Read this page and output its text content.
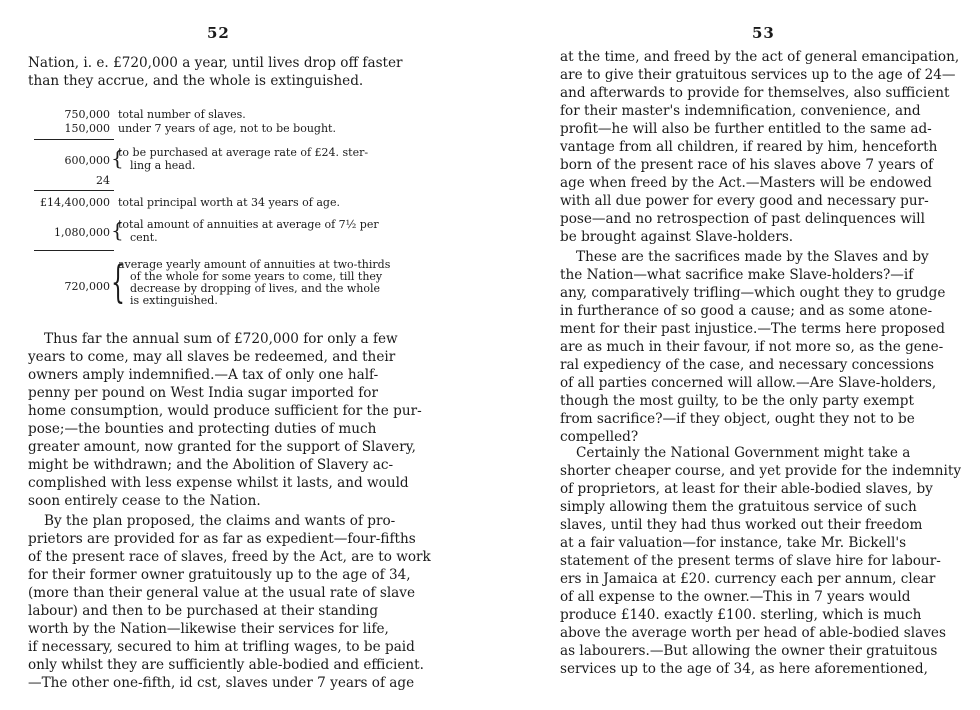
52
Nation, i. e. £720,000 a year, until lives drop off faster
than they accrue, and the whole is extinguished.
750,000 total number of slaves.
150,000 under 7 years of age, not to be bought.
600,000 {
to be purchased at average rate of £24. ster-
ling a head.
24
£14,400,000 total principal worth at 34 years of age.
1,080,000 {
total amount of annuities at average of 7½ per
cent.
720,000 {
average yearly amount of annuities at two-thirds
of the whole for some years to come, till they
decrease by dropping of lives, and the whole
is extinguished.
Thus far the annual sum of £720,000 for only a few
years to come, may all slaves be redeemed, and their
owners amply indemnified.—A tax of only one half-
penny per pound on West India sugar imported for
home consumption, would produce sufficient for the pur-
pose;—the bounties and protecting duties of much
greater amount, now granted for the support of Slavery,
might be withdrawn; and the Abolition of Slavery ac-
complished with less expense whilst it lasts, and would
soon entirely cease to the Nation.
By the plan proposed, the claims and wants of pro-
prietors are provided for as far as expedient—four-fifths
of the present race of slaves, freed by the Act, are to work
for their former owner gratuitously up to the age of 34,
(more than their general value at the usual rate of slave
labour) and then to be purchased at their standing
worth by the Nation—likewise their services for life,
if necessary, secured to him at trifling wages, to be paid
only whilst they are sufficiently able-bodied and efficient.
—The other one-fifth, id cst, slaves under 7 years of age
53
at the time, and freed by the act of general emancipation,
are to give their gratuitous services up to the age of 24—
and afterwards to provide for themselves, also sufficient
for their master's indemnification, convenience, and
profit—he will also be further entitled to the same ad-
vantage from all children, if reared by him, henceforth
born of the present race of his slaves above 7 years of
age when freed by the Act.—Masters will be endowed
with all due power for every good and necessary pur-
pose—and no retrospection of past delinquences will
be brought against Slave-holders.
These are the sacrifices made by the Slaves and by
the Nation—what sacrifice make Slave-holders?—if
any, comparatively trifling—which ought they to grudge
in furtherance of so good a cause; and as some atone-
ment for their past injustice.—The terms here proposed
are as much in their favour, if not more so, as the gene-
ral expediency of the case, and necessary concessions
of all parties concerned will allow.—Are Slave-holders,
though the most guilty, to be the only party exempt
from sacrifice?—if they object, ought they not to be
compelled?
Certainly the National Government might take a
shorter cheaper course, and yet provide for the indemnity
of proprietors, at least for their able-bodied slaves, by
simply allowing them the gratuitous service of such
slaves, until they had thus worked out their freedom
at a fair valuation—for instance, take Mr. Bickell's
statement of the present terms of slave hire for labour-
ers in Jamaica at £20. currency each per annum, clear
of all expense to the owner.—This in 7 years would
produce £140. exactly £100. sterling, which is much
above the average worth per head of able-bodied slaves
as labourers.—But allowing the owner their gratuitous
services up to the age of 34, as here aforementioned,
